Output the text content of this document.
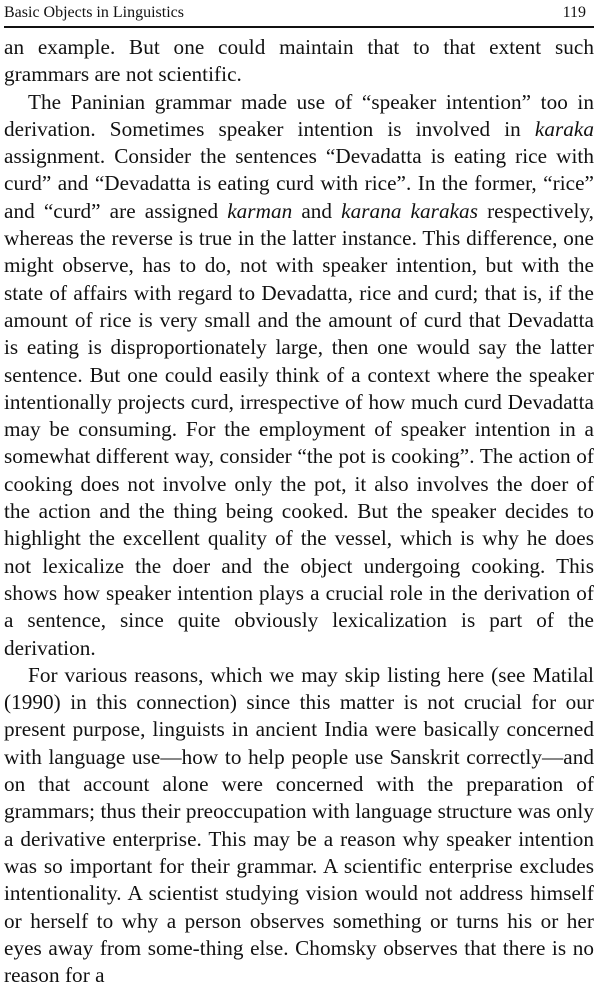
Basic Objects in Linguistics	119

an example. But one could maintain that to that extent such grammars are not scientific.

The Paninian grammar made use of “speaker intention” too in derivation. Sometimes speaker intention is involved in karaka assignment. Consider the sentences “Devadatta is eating rice with curd” and “Devadatta is eating curd with rice”. In the former, “rice” and “curd” are assigned karman and karana karakas respectively, whereas the reverse is true in the latter instance. This difference, one might observe, has to do, not with speaker intention, but with the state of affairs with regard to Devadatta, rice and curd; that is, if the amount of rice is very small and the amount of curd that Devadatta is eating is disproportionately large, then one would say the latter sentence. But one could easily think of a context where the speaker intentionally projects curd, irrespective of how much curd Devadatta may be consuming. For the employment of speaker intention in a somewhat different way, consider “the pot is cooking”. The action of cooking does not involve only the pot, it also involves the doer of the action and the thing being cooked. But the speaker decides to highlight the excellent quality of the vessel, which is why he does not lexicalize the doer and the object undergoing cooking. This shows how speaker intention plays a crucial role in the derivation of a sentence, since quite obviously lexicalization is part of the derivation.

For various reasons, which we may skip listing here (see Matilal (1990) in this connection) since this matter is not crucial for our present purpose, linguists in ancient India were basically concerned with language use—how to help people use Sanskrit correctly—and on that account alone were concerned with the preparation of grammars; thus their preoccupation with language structure was only a derivative enterprise. This may be a reason why speaker intention was so important for their grammar. A scientific enterprise excludes intentionality. A scientist studying vision would not address himself or herself to why a person observes something or turns his or her eyes away from some-thing else. Chomsky observes that there is no reason for a
